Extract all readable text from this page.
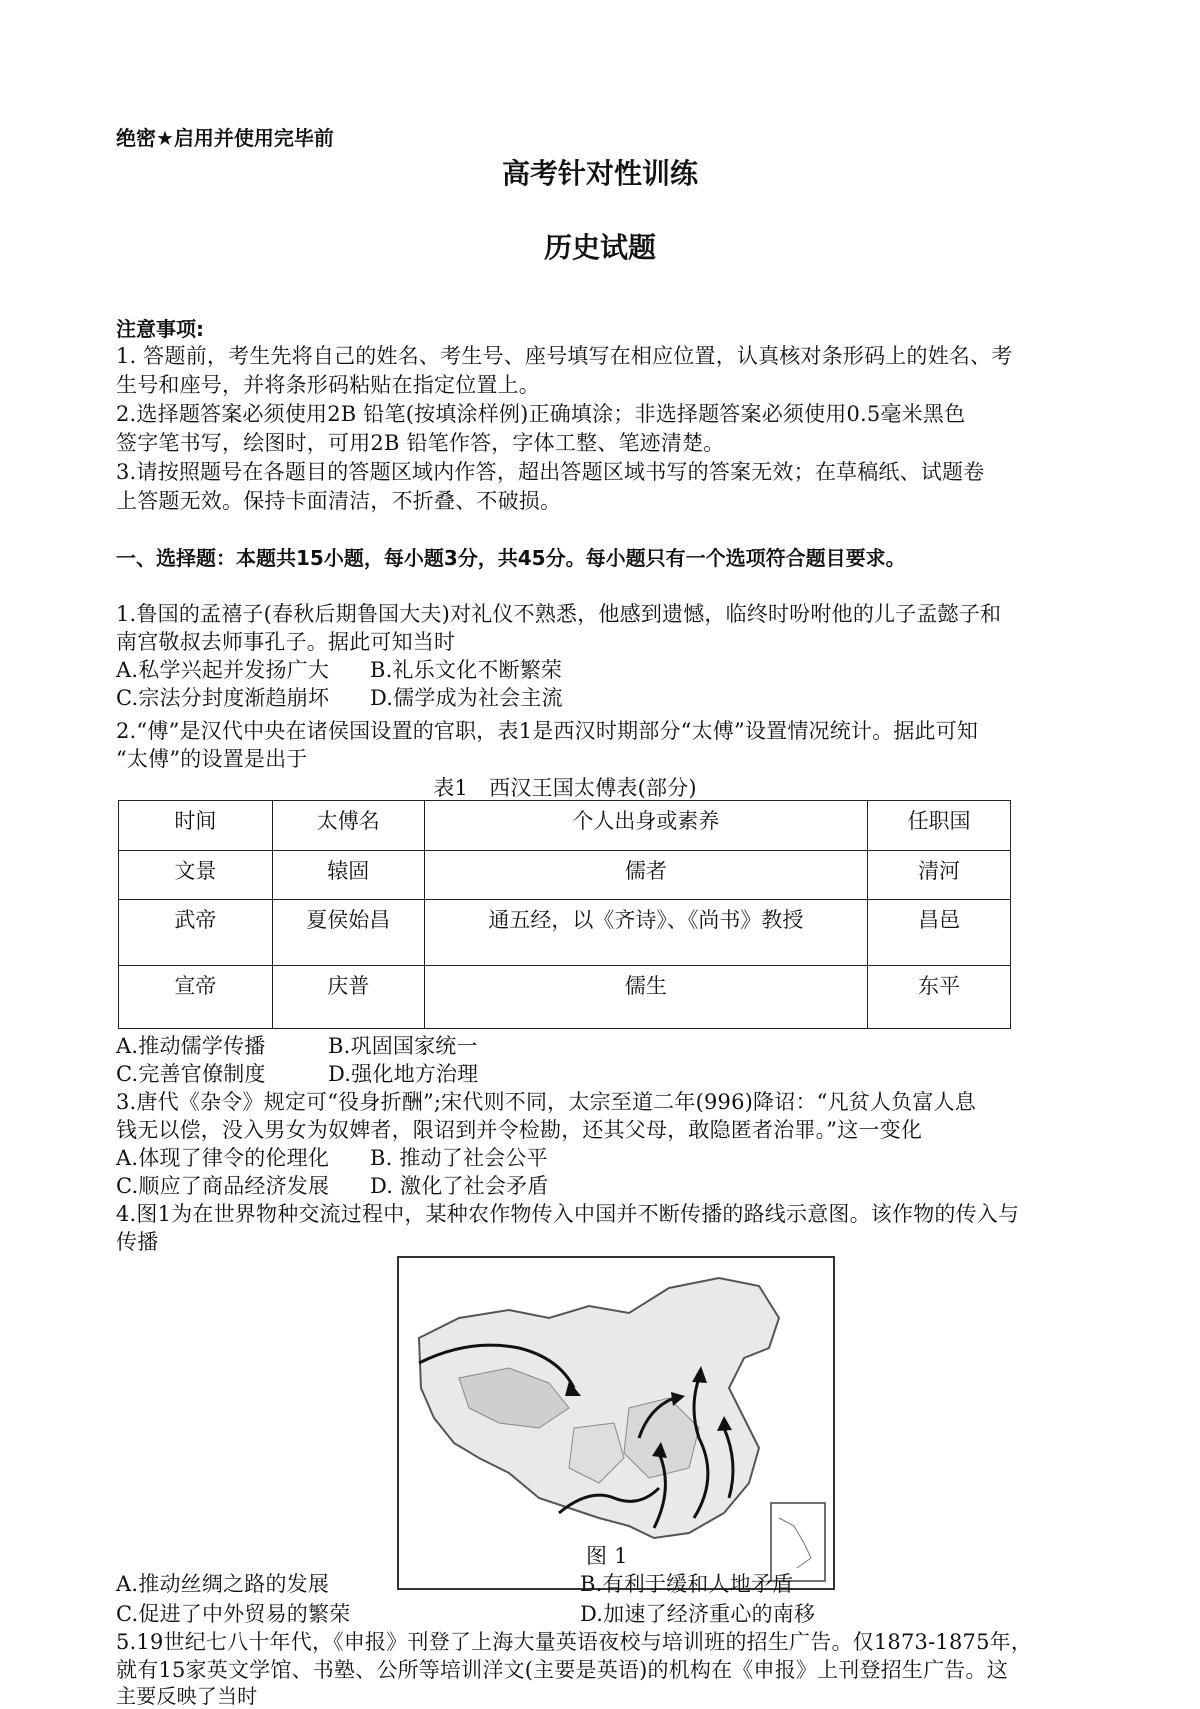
绝密★启用并使用完毕前
高考针对性训练
历史试题
注意事项:
1. 答题前，考生先将自己的姓名、考生号、座号填写在相应位置，认真核对条形码上的姓名、考
生号和座号，并将条形码粘贴在指定位置上。
2.选择题答案必须使用2B 铅笔(按填涂样例)正确填涂；非选择题答案必须使用0.5毫米黑色
签字笔书写，绘图时，可用2B 铅笔作答，字体工整、笔迹清楚。
3.请按照题号在各题目的答题区域内作答，超出答题区域书写的答案无效；在草稿纸、试题卷
上答题无效。保持卡面清洁，不折叠、不破损。
一、选择题：本题共15小题，每小题3分，共45分。每小题只有一个选项符合题目要求。
1.鲁国的孟禧子(春秋后期鲁国大夫)对礼仪不熟悉，他感到遗憾，临终时吩咐他的儿子孟懿子和
南宫敬叔去师事孔子。据此可知当时
A.私学兴起并发扬广大 B.礼乐文化不断繁荣
C.宗法分封度渐趋崩坏 D.儒学成为社会主流
2.“傅”是汉代中央在诸侯国设置的官职，表1是西汉时期部分“太傅”设置情况统计。据此可知
“太傅”的设置是出于
表1　西汉王国太傅表(部分)
时间	太傅名	个人出身或素养	任职国
文景	辕固	儒者	清河
武帝	夏侯始昌	通五经，以《齐诗》、《尚书》教授	昌邑
宣帝	庆普	儒生	东平
A.推动儒学传播	B.巩固国家统一
C.完善官僚制度	D.强化地方治理
3.唐代《杂令》规定可“役身折酬”;宋代则不同，太宗至道二年(996)降诏：“凡贫人负富人息
钱无以偿，没入男女为奴婢者，限诏到并令检勘，还其父母，敢隐匿者治罪。”这一变化
A.体现了律令的伦理化 B. 推动了社会公平
C.顺应了商品经济发展 D. 激化了社会矛盾
4.图1为在世界物种交流过程中，某种农作物传入中国并不断传播的路线示意图。该作物的传入与
传播
图 1
A.推动丝绸之路的发展	B.有利于缓和人地矛盾
C.促进了中外贸易的繁荣	D.加速了经济重心的南移
5.19世纪七八十年代，《申报》刊登了上海大量英语夜校与培训班的招生广告。仅1873-1875年，
就有15家英文学馆、书塾、公所等培训洋文(主要是英语)的机构在《申报》上刊登招生广告。这
主要反映了当时
